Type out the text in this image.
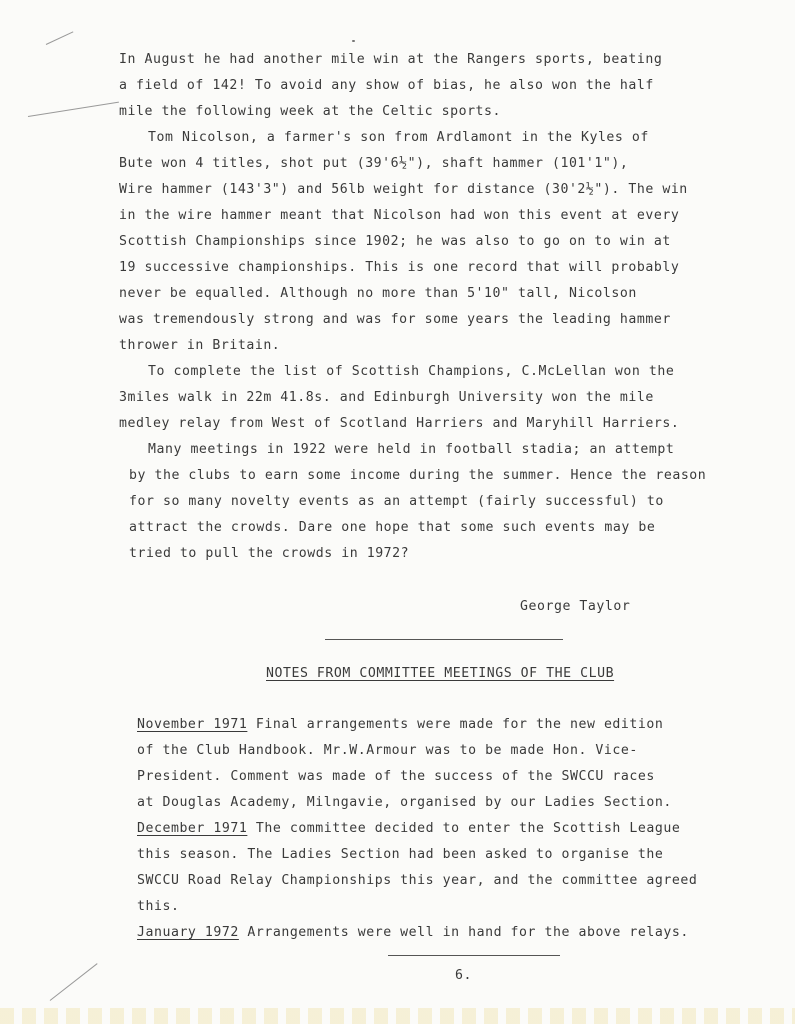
In August he had another mile win at the Rangers sports, beating
a field of 142! To avoid any show of bias, he also won the half
mile the following week at the Celtic sports.
Tom Nicolson, a farmer's son from Ardlamont in the Kyles of
Bute won 4 titles, shot put (39'6½"), shaft hammer (101'1"),
Wire hammer (143'3") and 56lb weight for distance (30'2½"). The win
in the wire hammer meant that Nicolson had won this event at every
Scottish Championships since 1902; he was also to go on to win at
19 successive championships. This is one record that will probably
never be equalled. Although no more than 5'10" tall, Nicolson
was tremendously strong and was for some years the leading hammer
thrower in Britain.
To complete the list of Scottish Champions, C.McLellan won the
3miles walk in 22m 41.8s. and Edinburgh University won the mile
medley relay from West of Scotland Harriers and Maryhill Harriers.
Many meetings in 1922 were held in football stadia; an attempt
by the clubs to earn some income during the summer. Hence the reason
for so many novelty events as an attempt (fairly successful) to
attract the crowds. Dare one hope that some such events may be
tried to pull the crowds in 1972?
George Taylor
NOTES FROM COMMITTEE MEETINGS OF THE CLUB
November 1971 Final arrangements were made for the new edition
of the Club Handbook. Mr.W.Armour was to be made Hon. Vice-
President. Comment was made of the success of the SWCCU races
at Douglas Academy, Milngavie, organised by our Ladies Section.
December 1971 The committee decided to enter the Scottish League
this season. The Ladies Section had been asked to organise the
SWCCU Road Relay Championships this year, and the committee agreed
this.
January 1972 Arrangements were well in hand for the above relays.
6.
